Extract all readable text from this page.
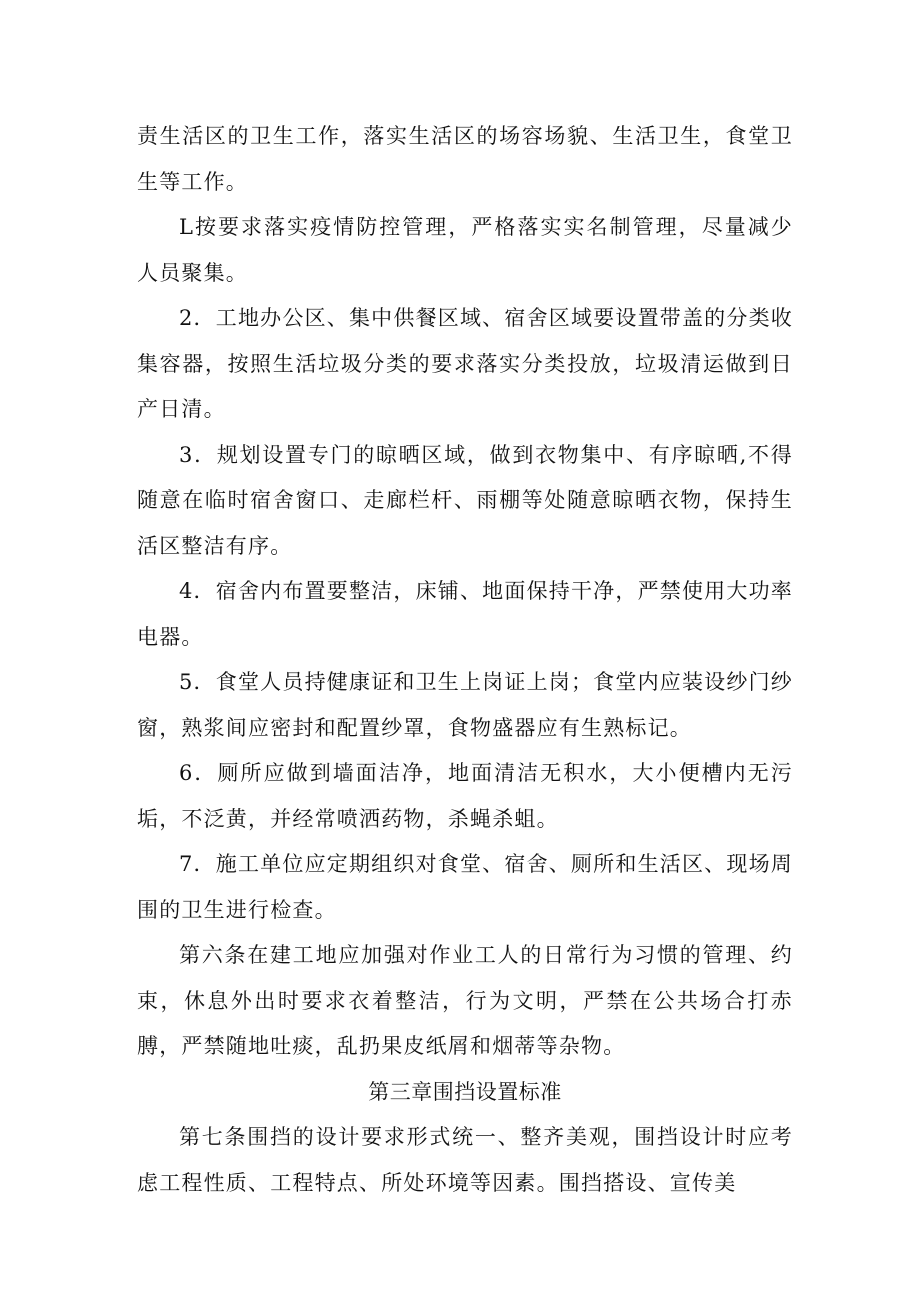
责生活区的卫生工作，落实生活区的场容场貌、生活卫生，食堂卫生等工作。

L按要求落实疫情防控管理，严格落实实名制管理，尽量减少人员聚集。

2．工地办公区、集中供餐区域、宿舍区域要设置带盖的分类收集容器，按照生活垃圾分类的要求落实分类投放，垃圾清运做到日产日清。

3．规划设置专门的晾晒区域，做到衣物集中、有序晾晒,不得随意在临时宿舍窗口、走廊栏杆、雨棚等处随意晾晒衣物，保持生活区整洁有序。

4．宿舍内布置要整洁，床铺、地面保持干净，严禁使用大功率电器。

5．食堂人员持健康证和卫生上岗证上岗；食堂内应装设纱门纱窗，熟浆间应密封和配置纱罩，食物盛器应有生熟标记。

6．厕所应做到墙面洁净，地面清洁无积水，大小便槽内无污垢，不泛黄，并经常喷洒药物，杀蝇杀蛆。

7．施工单位应定期组织对食堂、宿舍、厕所和生活区、现场周围的卫生进行检查。

第六条在建工地应加强对作业工人的日常行为习惯的管理、约束，休息外出时要求衣着整洁，行为文明，严禁在公共场合打赤膊，严禁随地吐痰，乱扔果皮纸屑和烟蒂等杂物。

第三章围挡设置标准

第七条围挡的设计要求形式统一、整齐美观，围挡设计时应考虑工程性质、工程特点、所处环境等因素。围挡搭设、宣传美
